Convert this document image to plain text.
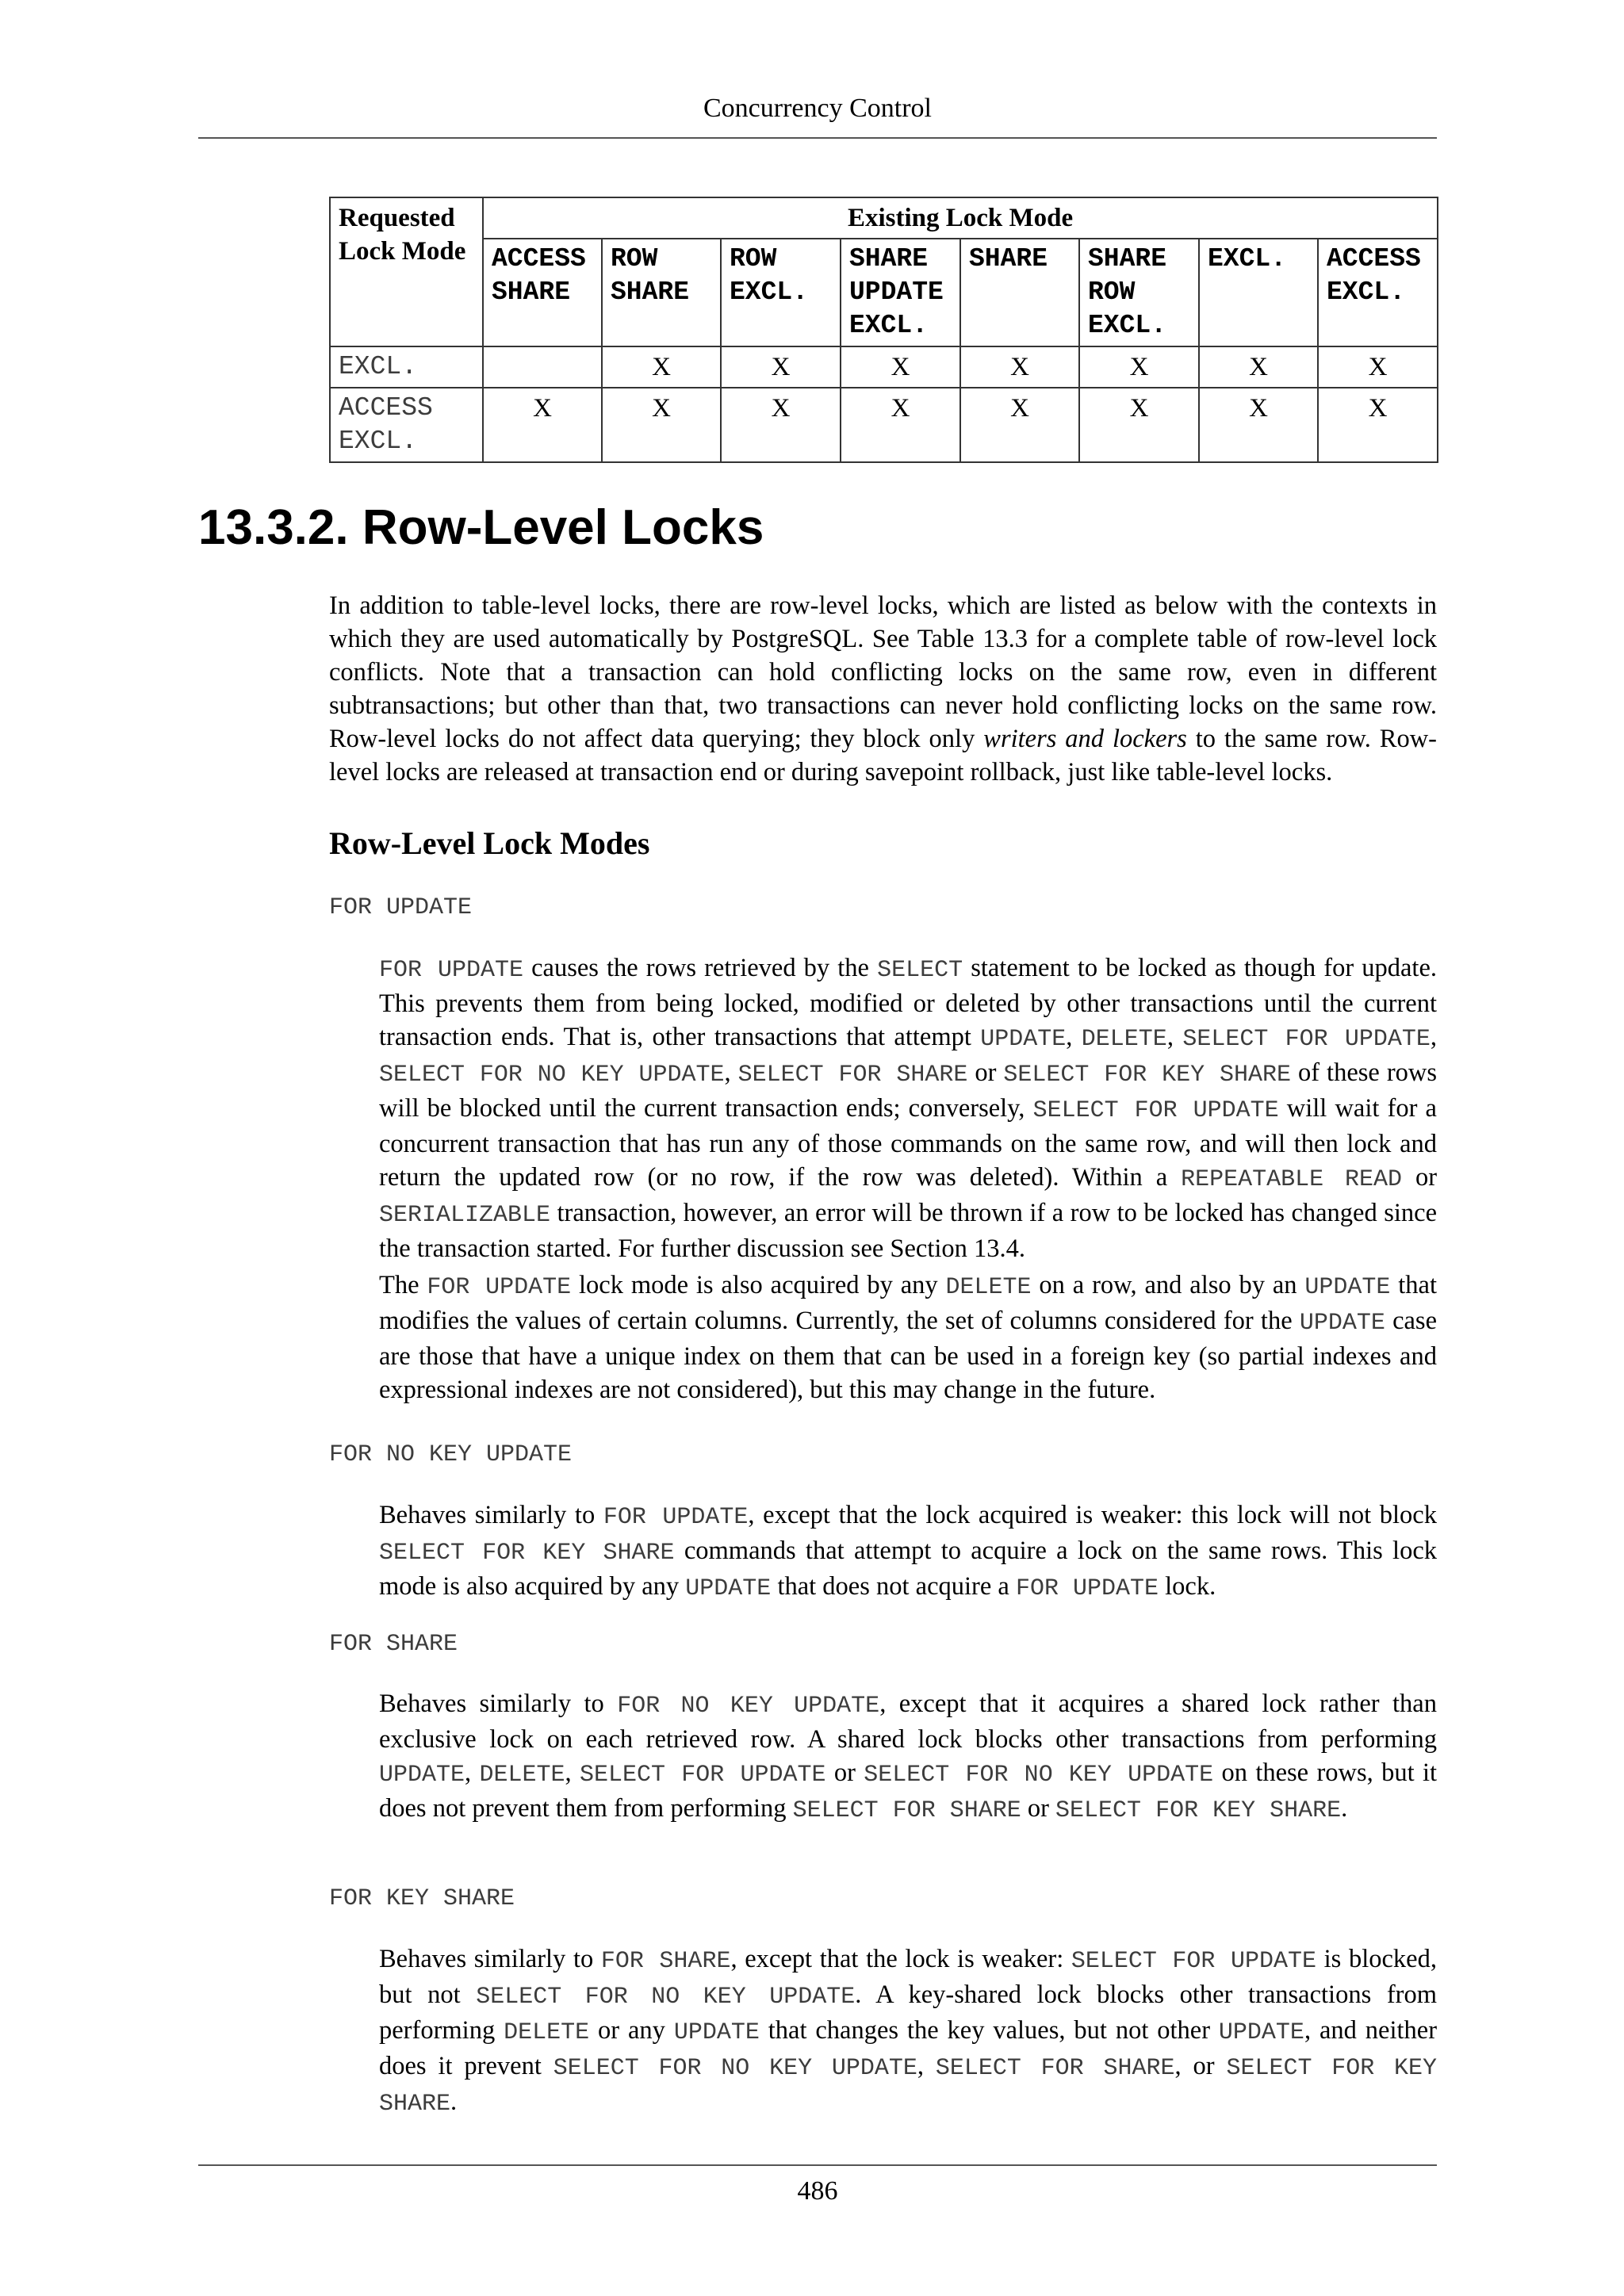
Concurrency Control
Requested Lock Mode	Existing Lock Mode							
	ACCESS SHARE	ROW SHARE	ROW EXCL.	SHARE UPDATE EXCL.	SHARE	SHARE ROW EXCL.	EXCL.	ACCESS EXCL.
EXCL.		X	X	X	X	X	X	X
ACCESS EXCL.	X	X	X	X	X	X	X	X
13.3.2. Row-Level Locks

In addition to table-level locks, there are row-level locks, which are listed as below with the contexts in which they are used automatically by PostgreSQL. See Table 13.3 for a complete table of row-level lock conflicts. Note that a transaction can hold conflicting locks on the same row, even in different subtransactions; but other than that, two transactions can never hold conflicting locks on the same row. Row-level locks do not affect data querying; they block only writers and lockers to the same row. Row-level locks are released at transaction end or during savepoint rollback, just like table-level locks.

Row-Level Lock Modes
FOR UPDATE

FOR UPDATE causes the rows retrieved by the SELECT statement to be locked as though for update. This prevents them from being locked, modified or deleted by other transactions until the current transaction ends. That is, other transactions that attempt UPDATE, DELETE, SELECT FOR UPDATE, SELECT FOR NO KEY UPDATE, SELECT FOR SHARE or SELECT FOR KEY SHARE of these rows will be blocked until the current transaction ends; conversely, SELECT FOR UPDATE will wait for a concurrent transaction that has run any of those commands on the same row, and will then lock and return the updated row (or no row, if the row was deleted). Within a REPEATABLE READ or SERIALIZABLE transaction, however, an error will be thrown if a row to be locked has changed since the transaction started. For further discussion see Section 13.4.

The FOR UPDATE lock mode is also acquired by any DELETE on a row, and also by an UPDATE that modifies the values of certain columns. Currently, the set of columns considered for the UPDATE case are those that have a unique index on them that can be used in a foreign key (so partial indexes and expressional indexes are not considered), but this may change in the future.

FOR NO KEY UPDATE

Behaves similarly to FOR UPDATE, except that the lock acquired is weaker: this lock will not block SELECT FOR KEY SHARE commands that attempt to acquire a lock on the same rows. This lock mode is also acquired by any UPDATE that does not acquire a FOR UPDATE lock.

FOR SHARE

Behaves similarly to FOR NO KEY UPDATE, except that it acquires a shared lock rather than exclusive lock on each retrieved row. A shared lock blocks other transactions from performing UPDATE, DELETE, SELECT FOR UPDATE or SELECT FOR NO KEY UPDATE on these rows, but it does not prevent them from performing SELECT FOR SHARE or SELECT FOR KEY SHARE.

FOR KEY SHARE

Behaves similarly to FOR SHARE, except that the lock is weaker: SELECT FOR UPDATE is blocked, but not SELECT FOR NO KEY UPDATE. A key-shared lock blocks other transactions from performing DELETE or any UPDATE that changes the key values, but not other UPDATE, and neither does it prevent SELECT FOR NO KEY UPDATE, SELECT FOR SHARE, or SELECT FOR KEY SHARE.

486
